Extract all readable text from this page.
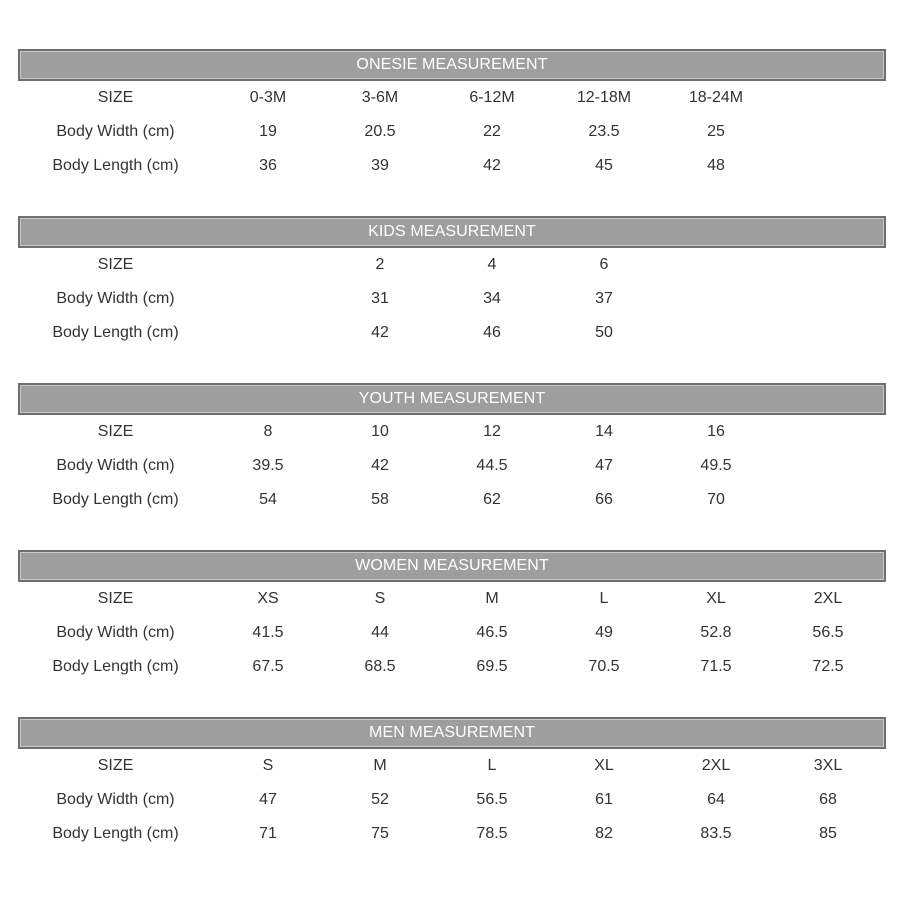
ONESIE MEASUREMENT
SIZE	0-3M	3-6M	6-12M	12-18M	18-24M
Body Width (cm)	19	20.5	22	23.5	25
Body Length (cm)	36	39	42	45	48
KIDS MEASUREMENT
SIZE	2	4	6
Body Width (cm)	31	34	37
Body Length (cm)	42	46	50
YOUTH MEASUREMENT
SIZE	8	10	12	14	16
Body Width (cm)	39.5	42	44.5	47	49.5
Body Length (cm)	54	58	62	66	70
WOMEN MEASUREMENT
SIZE	XS	S	M	L	XL	2XL
Body Width (cm)	41.5	44	46.5	49	52.8	56.5
Body Length (cm)	67.5	68.5	69.5	70.5	71.5	72.5
MEN MEASUREMENT
SIZE	S	M	L	XL	2XL	3XL
Body Width (cm)	47	52	56.5	61	64	68
Body Length (cm)	71	75	78.5	82	83.5	85
